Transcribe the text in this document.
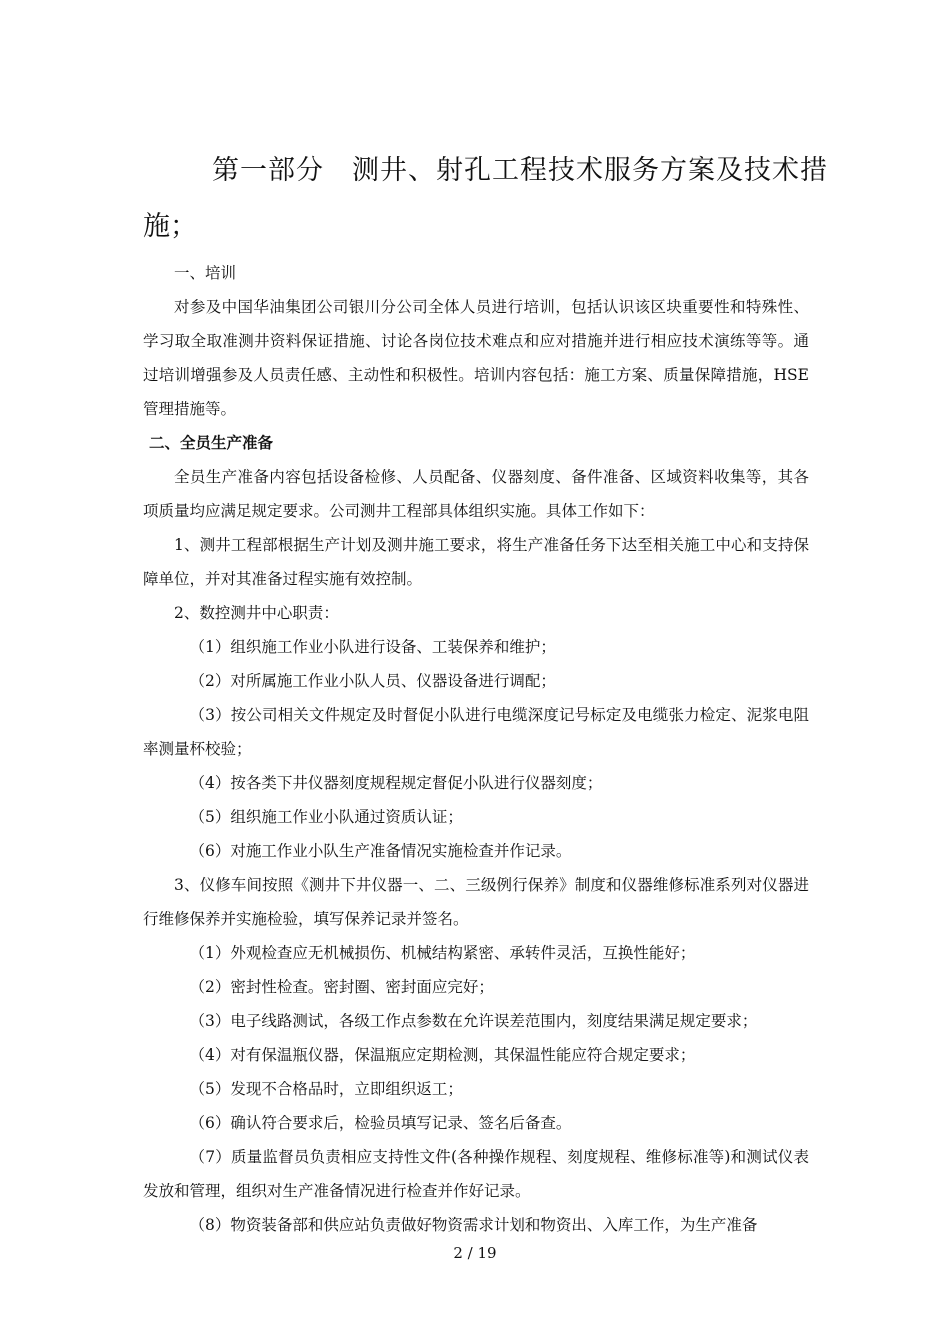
第一部分 测井、射孔工程技术服务方案及技术措
施；

一、培训

对参及中国华油集团公司银川分公司全体人员进行培训，包括认识该区块重要性和特殊性、学习取全取准测井资料保证措施、讨论各岗位技术难点和应对措施并进行相应技术演练等等。通过培训增强参及人员责任感、主动性和积极性。培训内容包括：施工方案、质量保障措施，HSE管理措施等。

二、全员生产准备

全员生产准备内容包括设备检修、人员配备、仪器刻度、备件准备、区域资料收集等，其各项质量均应满足规定要求。公司测井工程部具体组织实施。具体工作如下：

1、测井工程部根据生产计划及测井施工要求，将生产准备任务下达至相关施工中心和支持保障单位，并对其准备过程实施有效控制。

2、数控测井中心职责：

（1）组织施工作业小队进行设备、工装保养和维护；

（2）对所属施工作业小队人员、仪器设备进行调配；

（3）按公司相关文件规定及时督促小队进行电缆深度记号标定及电缆张力检定、泥浆电阻率测量杯校验；

（4）按各类下井仪器刻度规程规定督促小队进行仪器刻度；

（5）组织施工作业小队通过资质认证；

（6）对施工作业小队生产准备情况实施检查并作记录。

3、仪修车间按照《测井下井仪器一、二、三级例行保养》制度和仪器维修标准系列对仪器进行维修保养并实施检验，填写保养记录并签名。

（1）外观检查应无机械损伤、机械结构紧密、承转件灵活，互换性能好；

（2）密封性检查。密封圈、密封面应完好；

（3）电子线路测试，各级工作点参数在允许误差范围内，刻度结果满足规定要求；

（4）对有保温瓶仪器，保温瓶应定期检测，其保温性能应符合规定要求；

（5）发现不合格品时，立即组织返工；

（6）确认符合要求后，检验员填写记录、签名后备查。

（7）质量监督员负责相应支持性文件(各种操作规程、刻度规程、维修标准等)和测试仪表发放和管理，组织对生产准备情况进行检查并作好记录。

（8）物资装备部和供应站负责做好物资需求计划和物资出、入库工作，为生产准备

2 / 19
